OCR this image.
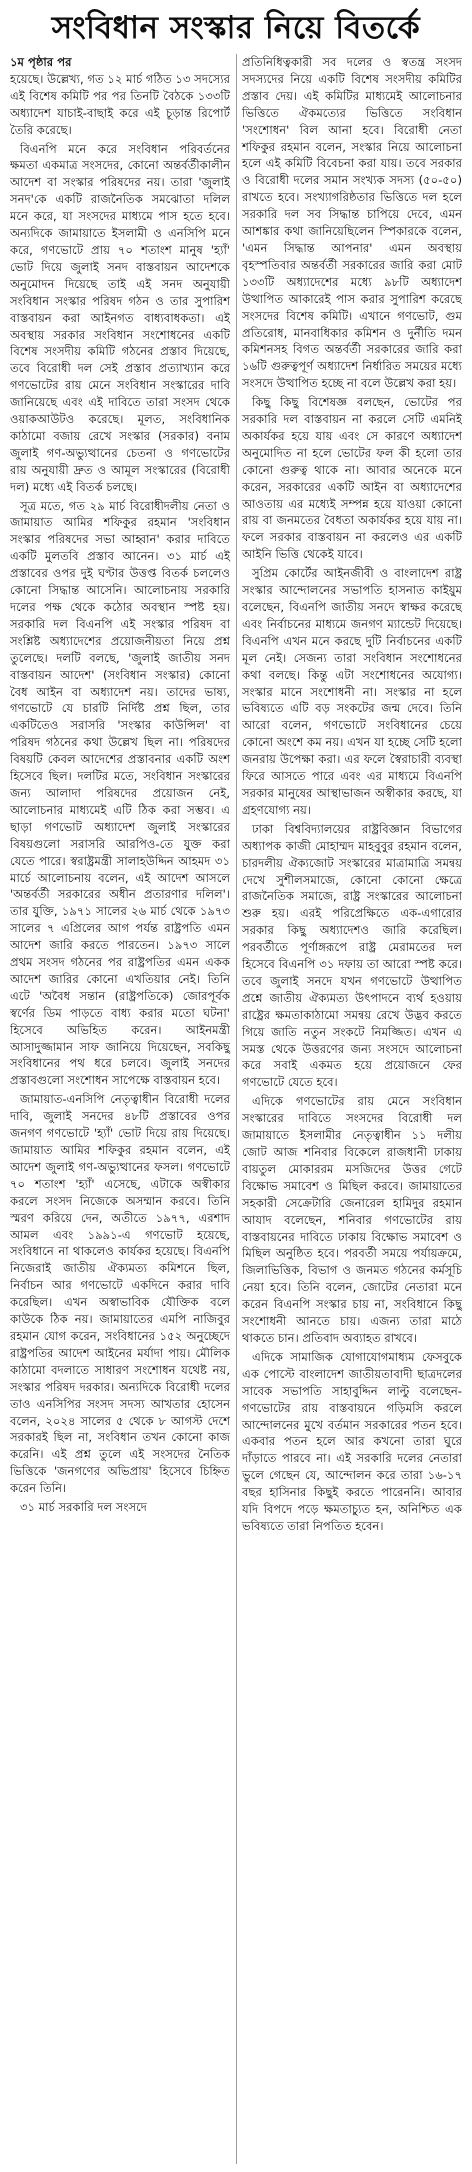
সংবিধান সংস্কার নিয়ে বিতর্কে
১ম পৃষ্ঠার পর

হয়েছে। উল্লেখ্য, গত ১২ মার্চ গঠিত ১৩ সদস্যের এই বিশেষ কমিটি পর পর তিনটি বৈঠকে ১৩৩টি অধ্যাদেশ যাচাই-বাছাই করে এই চূড়ান্ত রিপোর্ট তৈরি করেছে।

বিএনপি মনে করে সংবিধান পরিবর্তনের ক্ষমতা একমাত্র সংসদের, কোনো অন্তর্বর্তীকালীন আদেশ বা সংস্কার পরিষদের নয়। তারা 'জুলাই সনদ'কে একটি রাজনৈতিক সমঝোতা দলিল মনে করে, যা সংসদের মাধ্যমে পাস হতে হবে। অন্যদিকে জামায়াতে ইসলামী ও এনসিপি মনে করে, গণভোটে প্রায় ৭০ শতাংশ মানুষ 'হ্যাঁ' ভোট দিয়ে জুলাই সনদ বাস্তবায়ন আদেশকে অনুমোদন দিয়েছে তাই এই সনদ অনুযায়ী সংবিধান সংস্কার পরিষদ গঠন ও তার সুপারিশ বাস্তবায়ন করা আইনগত বাধ্যবাধকতা। এই অবস্থায় সরকার সংবিধান সংশোধনের একটি বিশেষ সংসদীয় কমিটি গঠনের প্রস্তাব দিয়েছে, তবে বিরোধী দল সেই প্রস্তাব প্রত্যাখ্যান করে গণভোটের রায় মেনে সংবিধান সংস্কারের দাবি জানিয়েছে এবং এই দাবিতে তারা সংসদ থেকে ওয়াকআউটও করেছে। মূলত, সংবিধানিক কাঠামো বজায় রেখে সংস্কার (সরকার) বনাম জুলাই গণ-অভ্যুত্থানের চেতনা ও গণভোটের রায় অনুযায়ী দ্রুত ও আমূল সংস্কারের (বিরোধী দল) মধ্যে এই বিতর্ক চলছে।

সূত্র মতে, গত ২৯ মার্চ বিরোধীদলীয় নেতা ও জামায়াত আমির শফিকুর রহমান 'সংবিধান সংস্কার পরিষদের সভা আহ্বান' করার দাবিতে একটি মুলতবি প্রস্তাব আনেন। ৩১ মার্চ এই প্রস্তাবের ওপর দুই ঘণ্টার উত্তপ্ত বিতর্ক চললেও কোনো সিদ্ধান্ত আসেনি। আলোচনায় সরকারি দলের পক্ষ থেকে কঠোর অবস্থান স্পষ্ট হয়। সরকারি দল বিএনপি এই সংস্কার পরিষদ বা সংশ্লিষ্ট অধ্যাদেশের প্রয়োজনীয়তা নিয়ে প্রশ্ন তুলেছে। দলটি বলছে, 'জুলাই জাতীয় সনদ বাস্তবায়ন আদেশ' (সংবিধান সংস্কার) কোনো বৈধ আইন বা অধ্যাদেশ নয়। তাদের ভাষ্য, গণভোটে যে চারটি নির্দিষ্ট প্রশ্ন ছিল, তার একটিতেও সরাসরি 'সংস্কার কাউন্সিল' বা পরিষদ গঠনের কথা উল্লেখ ছিল না। পরিষদের বিষয়টি কেবল আদেশের প্রস্তাবনার একটি অংশ হিসেবে ছিল। দলটির মতে, সংবিধান সংস্কারের জন্য আলাদা পরিষদের প্রয়োজন নেই, আলোচনার মাধ্যমেই এটি ঠিক করা সম্ভব। এ ছাড়া গণভোট অধ্যাদেশ জুলাই সংস্কারের বিষয়গুলো সরাসরি আরপিও-তে যুক্ত করা যেতে পারে। স্বরাষ্ট্রমন্ত্রী সালাহউদ্দিন আহমদ ৩১ মার্চে আলোচনায় বলেন, এই আদেশ আসলে 'অন্তর্বর্তী সরকারের অধীন প্রতারণার দলিল'। তার যুক্তি, ১৯৭১ সালের ২৬ মার্চ থেকে ১৯৭৩ সালের ৭ এপ্রিলের আগ পর্যন্ত রাষ্ট্রপতি এমন আদেশ জারি করতে পারতেন। ১৯৭৩ সালে প্রথম সংসদ গঠনের পর রাষ্ট্রপতির এমন একক আদেশ জারির কোনো এখতিয়ার নেই। তিনি এটে 'অবৈধ সন্তান (রাষ্ট্রপতিকে) জোরপূর্বক স্বর্ণের ডিম পাড়তে বাধ্য করার মতো ঘটনা' হিসেবে অভিহিত করেন। আইনমন্ত্রী আসাদুজ্জামান সাফ জানিয়ে দিয়েছেন, সবকিছু সংবিধানের পথ ধরে চলবে। জুলাই সনদের প্রস্তাবগুলো সংশোধন সাপেক্ষে বাস্তবায়ন হবে।

জামায়াত-এনসিপি নেতৃত্বাধীন বিরোধী দলের দাবি, জুলাই সনদের ৪৮টি প্রস্তাবের ওপর জনগণ গণভোটে 'হ্যাঁ' ভোট দিয়ে রায় দিয়েছে। জামায়াত আমির শফিকুর রহমান বলেন, এই আদেশ জুলাই গণ-অভ্যুত্থানের ফসল। গণভোটে ৭০ শতাংশ 'হ্যাঁ' এসেছে, এটাকে অস্বীকার করলে সংসদ নিজেকে অসম্মান করবে। তিনি স্মরণ করিয়ে দেন, অতীতে ১৯৭৭, এরশাদ আমল এবং ১৯৯১-এ গণভোট হয়েছে, সংবিধানে না থাকলেও কার্যকর হয়েছে। বিএনপি নিজেরাই জাতীয় ঐক্যমত্য কমিশনে ছিল, নির্বাচন আর গণভোটে একদিনে করার দাবি করেছিল। এখন অস্বাভাবিক যৌক্তিক বলে কাউকে ঠিক নয়। জামায়াতের এমপি নাজিবুর রহমান যোগ করেন, সংবিধানের ১৫২ অনুচ্ছেদে রাষ্ট্রপতির আদেশ আইনের মর্যাদা পায়। মৌলিক কাঠামো বদলাতে সাধারণ সংশোধন যথেষ্ট নয়, সংস্কার পরিষদ দরকার। অন্যদিকে বিরোধী দলের তাও এনসিপির সংসদ সদস্য আখতার হোসেন বলেন, ২০২৪ সালের ৫ থেকে ৮ আগস্ট দেশে সরকারই ছিল না, সংবিধান তখন কোনো কাজ করেনি। এই প্রশ্ন তুলে এই সংসদের নৈতিক ভিত্তিকে 'জনগণের অভিপ্রায়' হিসেবে চিহ্নিত করেন তিনি।

৩১ মার্চ সরকারি দল সংসদে

প্রতিনিধিত্বকারী সব দলের ও স্বতন্ত্র সংসদ সদস্যদের নিয়ে একটি বিশেষ সংসদীয় কমিটির প্রস্তাব দেয়। এই কমিটির মাধ্যমেই আলোচনার ভিত্তিতে ঐকমত্যের ভিত্তিতে সংবিধান 'সংশোধন' বিল আনা হবে। বিরোধী নেতা শফিকুর রহমান বলেন, সংস্কার নিয়ে আলোচনা হলে এই কমিটি বিবেচনা করা যায়। তবে সরকার ও বিরোধী দলের সমান সংখ্যক সদস্য (৫০-৫০) রাখতে হবে। সংখ্যাগরিষ্ঠতার ভিত্তিতে দল হলে সরকারি দল সব সিদ্ধান্ত চাপিয়ে দেবে, এমন আশঙ্কার কথা জানিয়েছিলেন স্পিকারকে বলেন, 'এমন সিদ্ধান্ত আপনার' এমন অবস্থায় বৃহস্পতিবার অন্তর্বর্তী সরকারের জারি করা মোট ১৩৩টি অধ্যাদেশের মধ্যে ৯৮টি অধ্যাদেশ উত্থাপিত আকারেই পাস করার সুপারিশ করেছে সংসদের বিশেষ কমিটি। এখানে গণভোট, গুম প্রতিরোধ, মানবাধিকার কমিশন ও দুর্নীতি দমন কমিশনসহ বিগত অন্তর্বর্তী সরকারের জারি করা ১৬টি গুরুত্বপূর্ণ অধ্যাদেশ নির্ধারিত সময়ের মধ্যে সংসদে উত্থাপিত হচ্ছে না বলে উল্লেখ করা হয়।

কিছু কিছু বিশেষজ্ঞ বলছেন, ভোটের পর সরকারি দল বাস্তবায়ন না করলে সেটি এমনিই অকার্যকর হয়ে যায় এবং সে কারণে অধ্যাদেশ অনুমোদিত না হলে ভোটের ফল কী হলো তার কোনো গুরুত্ব থাকে না। আবার অনেকে মনে করেন, সরকারের একটি আইন বা অধ্যাদেশের আওতায় এর মধ্যেই সম্পন্ন হয়ে যাওয়া কোনো রায় বা জনমতের বৈধতা অকার্যকর হয়ে যায় না। ফলে সরকার বাস্তবায়ন না করলেও এর একটি আইনি ভিত্তি থেকেই যাবে।

সুপ্রিম কোর্টের আইনজীবী ও বাংলাদেশ রাষ্ট্র সংস্কার আন্দোলনের সভাপতি হাসনাত কাইয়ুম বলেছেন, বিএনপি জাতীয় সনদে স্বাক্ষর করেছে এবং নির্বাচনের মাধ্যমে জনগণ ম্যান্ডেট দিয়েছে। বিএনপি এখন মনে করছে দুটি নির্বাচনের একটি মূল নেই। সেজন্য তারা সংবিধান সংশোধনের কথা বলছে। কিন্তু এটা সংশোধনের অযোগ্য। সংস্কার মানে সংশোধনী না। সংস্কার না হলে ভবিষ্যতে এটি বড় সংকটের জন্ম দেবে। তিনি আরো বলেন, গণভোটে সংবিধানের চেয়ে কোনো অংশে কম নয়। এখন যা হচ্ছে সেটি হলো জনরায় উপেক্ষা করা। এর ফলে স্বৈরাচারী ব্যবস্থা ফিরে আসতে পারে এবং এর মাধ্যমে বিএনপি সরকার মানুষের আস্থাভাজন অস্বীকার করছে, যা গ্রহণযোগ্য নয়।

ঢাকা বিশ্ববিদ্যালয়ের রাষ্ট্রবিজ্ঞান বিভাগের অধ্যাপক কাজী মোহাম্মদ মাহবুবুর রহমান বলেন, চারদলীয় ঐক্যজোট সংস্কারের মাত্রামাত্রি সমন্বয় দেখে সুশীলসমাজে, কোনো কোনো ক্ষেত্রে রাজনৈতিক সমাজে, রাষ্ট্র সংস্কারের আলোচনা শুরু হয়। এরই পরিপ্রেক্ষিতে এক-এগারোর সরকার কিছু অধ্যাদেশও জারি করেছিল। পরবর্তীতে পূর্ণাঙ্গরূপে রাষ্ট্র মেরামতের দল হিসেবে বিএনপি ৩১ দফায় তা আরো স্পষ্ট করে। তবে জুলাই সনদে যখন গণভোটে উত্থাপিত প্রশ্নে জাতীয় ঐক্যমত্য উৎপাদনে ব্যর্থ হওয়ায় রাষ্ট্রের ক্ষমতাকাঠামো সমন্বয় রেখে উদ্ভব করতে গিয়ে জাতি নতুন সংকটে নিমজ্জিত। এখন এ সমস্ত থেকে উত্তরণের জন্য সংসদে আলোচনা করে সবাই একমত হয়ে প্রয়োজনে ফের গণভোটে যেতে হবে।

এদিকে গণভোটের রায় মেনে সংবিধান সংস্কারের দাবিতে সংসদের বিরোধী দল জামায়াতে ইসলামীর নেতৃত্বাধীন ১১ দলীয় জোট আজ শনিবার বিকেলে রাজধানী ঢাকায় বায়তুল মোকাররম মসজিদের উত্তর গেটে বিক্ষোভ সমাবেশ ও মিছিল করবে। জামায়াতের সহকারী সেক্রেটারি জেনারেল হামিদুর রহমান আযাদ বলেছেন, শনিবার গণভোটের রায় বাস্তবায়নের দাবিতে ঢাকায় বিক্ষোভ সমাবেশ ও মিছিল অনুষ্ঠিত হবে। পরবর্তী সময়ে পর্যায়ক্রমে, জিলাভিত্তিক, বিভাগ ও জনমত গঠনের কর্মসূচি নেয়া হবে। তিনি বলেন, জোটের নেতারা মনে করেন বিএনপি সংস্কার চায় না, সংবিধানে কিছু সংশোধনী আনতে চায়। এজন্য তারা মাঠে থাকতে চান। প্রতিবাদ অব্যাহত রাখবে।

এদিকে সামাজিক যোগাযোগমাধ্যম ফেসবুকে এক পোস্টে বাংলাদেশ জাতীয়তাবাদী ছাত্রদলের সাবেক সভাপতি সাহাবুদ্দিন লাল্টু বলেছেন- গণভোটের রায় বাস্তবায়নে গড়িমসি করলে আন্দোলনের মুখে বর্তমান সরকারের পতন হবে। একবার পতন হলে আর কখনো তারা ঘুরে দাঁড়াতে পারবে না। এই সরকারি দলের নেতারা ভুলে গেছেন যে, আন্দোলন করে তারা ১৬-১৭ বছর হাসিনার কিছুই করতে পারেননি। আবার যদি বিপদে পড়ে ক্ষমতাচ্যুত হন, অনিশ্চিত এক ভবিষ্যতে তারা নিপতিত হবেন।
